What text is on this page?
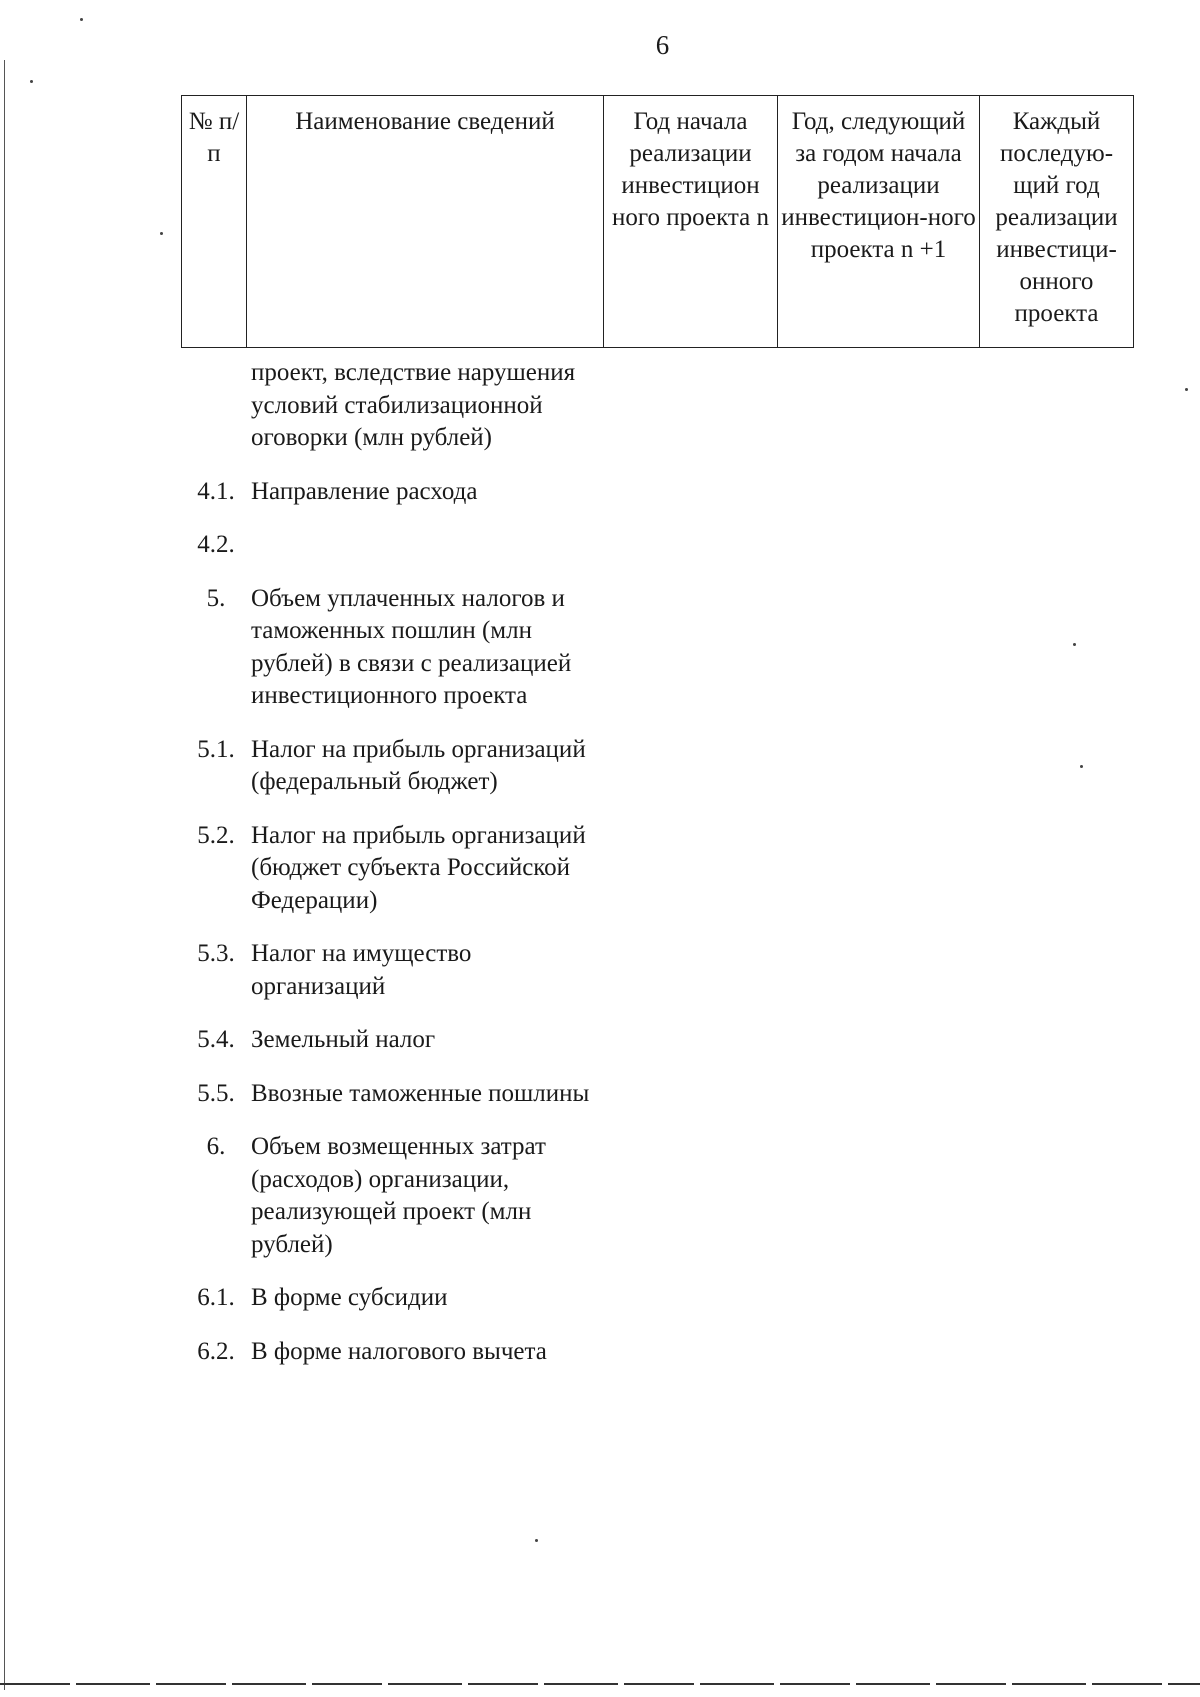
6
№ п/п	Наименование сведений	Год начала реализации инвестицион ного проекта n	Год, следующий за годом начала реализации инвестицион-ного проекта n +1	Каждый последую-щий год реализации инвестици-онного проекта
проект, вследствие нарушения условий стабилизационной оговорки (млн рублей)
4.1. Направление расхода
4.2.
5.	Объем уплаченных налогов и таможенных пошлин (млн рублей) в связи с реализацией инвестиционного проекта
5.1. Налог на прибыль организаций (федеральный бюджет)
5.2. Налог на прибыль организаций (бюджет субъекта Российской Федерации)
5.3. Налог на имущество организаций
5.4. Земельный налог
5.5. Ввозные таможенные пошлины
6.	Объем возмещенных затрат (расходов) организации, реализующей проект (млн рублей)
6.1. В форме субсидии
6.2. В форме налогового вычета
